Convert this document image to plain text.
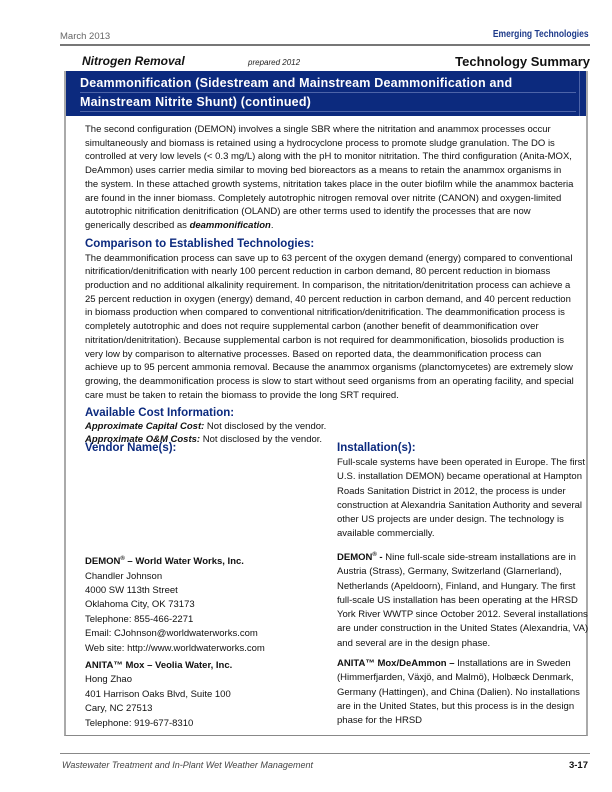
March 2013	Emerging Technologies
Nitrogen Removal	prepared 2012	Technology Summary
Deammonification (Sidestream and Mainstream Deammonification and
Mainstream Nitrite Shunt) (continued)

The second configuration (DEMON) involves a single SBR where the nitritation and anammox processes occur simultaneously and biomass is retained using a hydrocyclone process to promote sludge granulation. The DO is controlled at very low levels (< 0.3 mg/L) along with the pH to monitor nitritation. The third configuration (Anita-MOX, DeAmmon) uses carrier media similar to moving bed bioreactors as a means to retain the anammox organisms in the system. In these attached growth systems, nitritation takes place in the outer biofilm while the anammox bacteria are found in the inner biomass. Completely autotrophic nitrogen removal over nitrite (CANON) and oxygen-limited autotrophic nitrification denitrification (OLAND) are other terms used to identify the processes that are now generically described as deammonification.

Comparison to Established Technologies:

The deammonification process can save up to 63 percent of the oxygen demand (energy) compared to conventional nitrification/denitrification with nearly 100 percent reduction in carbon demand, 80 percent reduction in biomass production and no additional alkalinity requirement. In comparison, the nitritation/denitritation process can achieve a 25 percent reduction in oxygen (energy) demand, 40 percent reduction in carbon demand, and 40 percent reduction in biomass production when compared to conventional nitrification/denitrification. The deammonification process is completely autotrophic and does not require supplemental carbon (another benefit of deammonification over nitritation/denitritation). Because supplemental carbon is not required for deammonification, biosolids production is very low by comparison to alternative processes. Based on reported data, the deammonification process can achieve up to 95 percent ammonia removal. Because the anammox organisms (planctomycetes) are extremely slow growing, the deammonification process is slow to start without seed organisms from an operating facility, and special care must be taken to retain the biomass to provide the long SRT required.

Available Cost Information:
Approximate Capital Cost: Not disclosed by the vendor.
Approximate O&M Costs: Not disclosed by the vendor.
Vendor Name(s):
DEMON® – World Water Works, Inc.
Chandler Johnson
4000 SW 113th Street
Oklahoma City, OK 73173
Telephone: 855-466-2271
Email: CJohnson@worldwaterworks.com
Web site: http://www.worldwaterworks.com
ANITA™ Mox – Veolia Water, Inc.
Hong Zhao
401 Harrison Oaks Blvd, Suite 100
Cary, NC 27513
Telephone: 919-677-8310
Installation(s):
Full-scale systems have been operated in Europe. The first U.S. installation DEMON) became operational at Hampton Roads Sanitation District in 2012, the process is under construction at Alexandria Sanitation Authority and several other US projects are under design. The technology is available commercially.
DEMON® - Nine full-scale side-stream installations are in Austria (Strass), Germany, Switzerland (Glarnerland), Netherlands (Apeldoorn), Finland, and Hungary. The first full-scale US installation has been operating at the HRSD York River WWTP since October 2012. Several installations are under construction in the United States (Alexandria, VA) and several are in the design phase.
ANITA™ Mox/DeAmmon – Installations are in Sweden (Himmerfjarden, Växjö, and Malmö), Holbæck Denmark, Germany (Hattingen), and China (Dalien). No installations are in the United States, but this process is in the design phase for the HRSD
Wastewater Treatment and In-Plant Wet Weather Management	3-17
